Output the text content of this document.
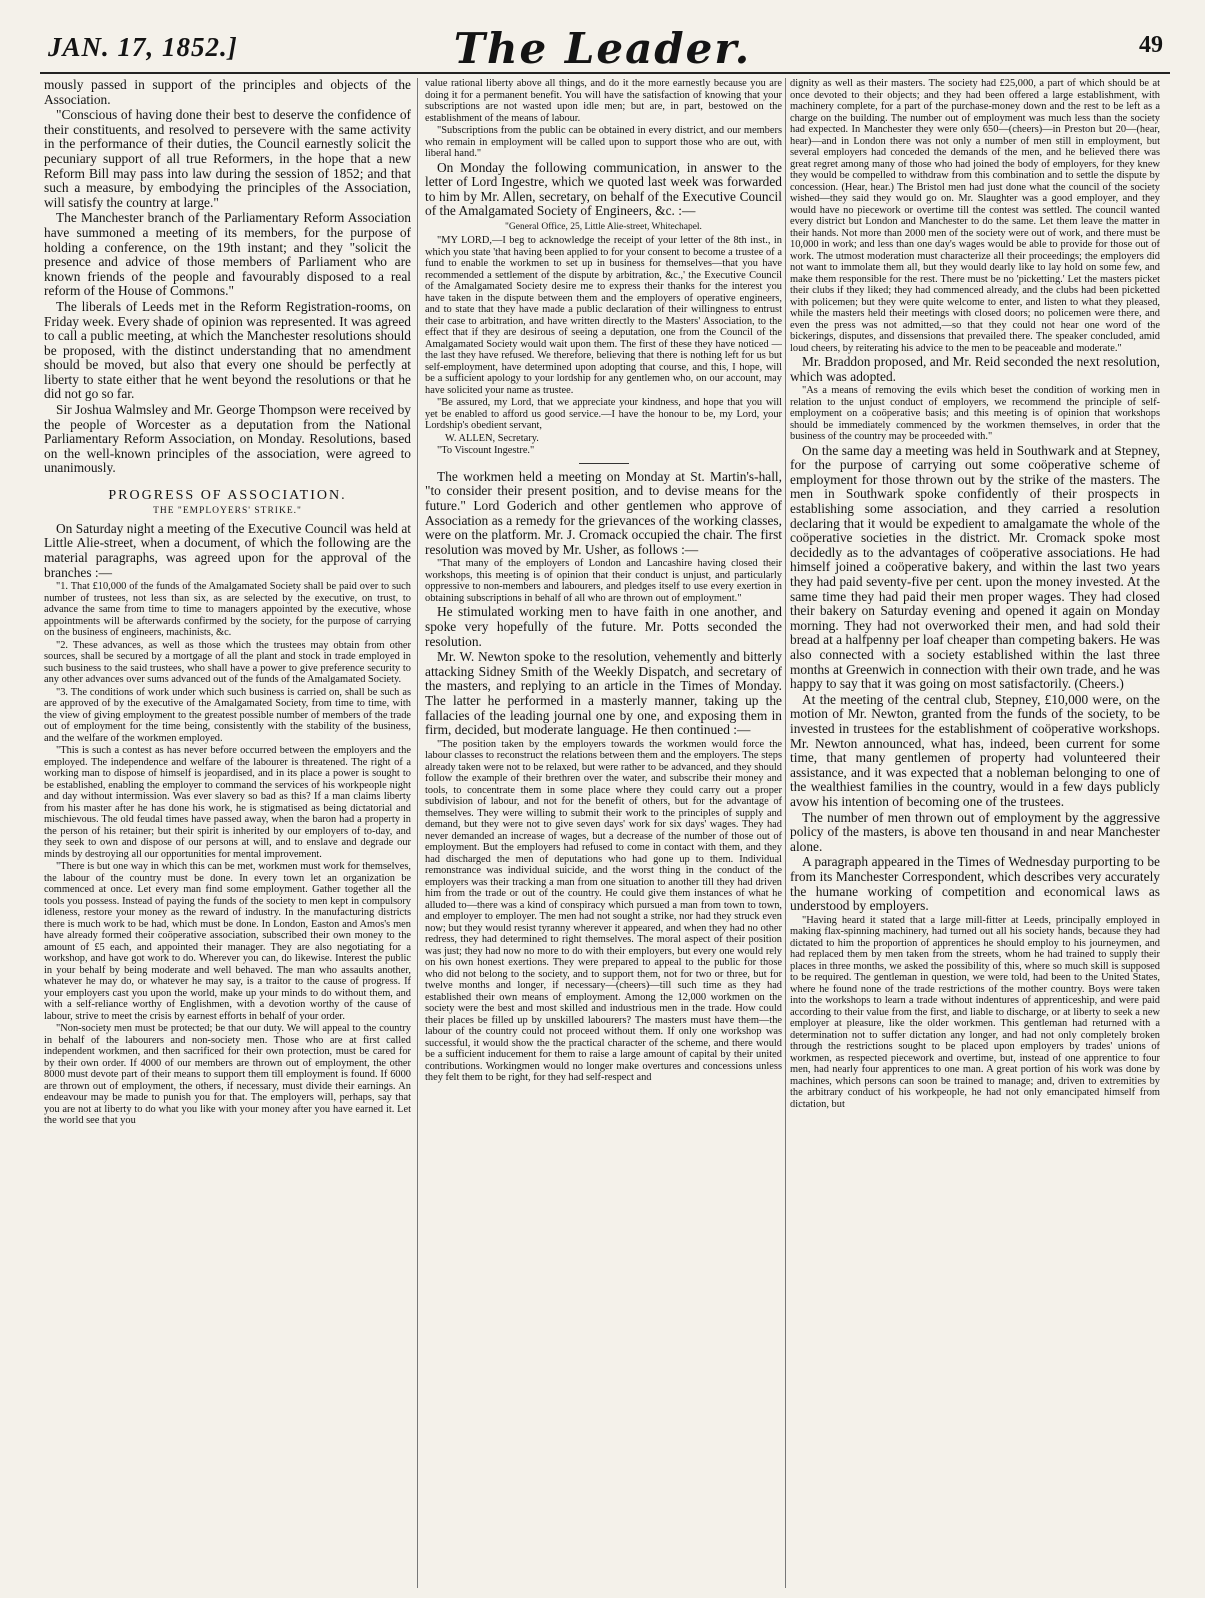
JAN. 17, 1852.]	The Leader.	49

mously passed in support of the principles and objects of the Association.

"Conscious of having done their best to deserve the confidence of their constituents, and resolved to persevere with the same activity in the performance of their duties, the Council earnestly solicit the pecuniary support of all true Reformers, in the hope that a new Reform Bill may pass into law during the session of 1852; and that such a measure, by embodying the principles of the Association, will satisfy the country at large."

The Manchester branch of the Parliamentary Reform Association have summoned a meeting of its members, for the purpose of holding a conference, on the 19th instant; and they "solicit the presence and advice of those members of Parliament who are known friends of the people and favourably disposed to a real reform of the House of Commons."

The liberals of Leeds met in the Reform Registration-rooms, on Friday week. Every shade of opinion was represented. It was agreed to call a public meeting, at which the Manchester resolutions should be proposed, with the distinct understanding that no amendment should be moved, but also that every one should be perfectly at liberty to state either that he went beyond the resolutions or that he did not go so far.

Sir Joshua Walmsley and Mr. George Thompson were received by the people of Worcester as a deputation from the National Parliamentary Reform Association, on Monday. Resolutions, based on the well-known principles of the association, were agreed to unanimously.

PROGRESS OF ASSOCIATION.
THE "EMPLOYERS' STRIKE."

On Saturday night a meeting of the Executive Council was held at Little Alie-street, when a document, of which the following are the material paragraphs, was agreed upon for the approval of the branches :—

"1. That £10,000 of the funds of the Amalgamated Society shall be paid over to such number of trustees, not less than six, as are selected by the executive, on trust, to advance the same from time to time to managers appointed by the executive, whose appointments will be afterwards confirmed by the society, for the purpose of carrying on the business of engineers, machinists, &c.

"2. These advances, as well as those which the trustees may obtain from other sources, shall be secured by a mortgage of all the plant and stock in trade employed in such business to the said trustees, who shall have a power to give preference security to any other advances over sums advanced out of the funds of the Amalgamated Society.

"3. The conditions of work under which such business is carried on, shall be such as are approved of by the executive of the Amalgamated Society, from time to time, with the view of giving employment to the greatest possible number of members of the trade out of employment for the time being, consistently with the stability of the business, and the welfare of the workmen employed.

"This is such a contest as has never before occurred between the employers and the employed. The independence and welfare of the labourer is threatened. The right of a working man to dispose of himself is jeopardised, and in its place a power is sought to be established, enabling the employer to command the services of his workpeople night and day without intermission. Was ever slavery so bad as this? If a man claims liberty from his master after he has done his work, he is stigmatised as being dictatorial and mischievous. The old feudal times have passed away, when the baron had a property in the person of his retainer; but their spirit is inherited by our employers of to-day, and they seek to own and dispose of our persons at will, and to enslave and degrade our minds by destroying all our opportunities for mental improvement.

"There is but one way in which this can be met, workmen must work for themselves, the labour of the country must be done. In every town let an organization be commenced at once. Let every man find some employment. Gather together all the tools you possess. Instead of paying the funds of the society to men kept in compulsory idleness, restore your money as the reward of industry. In the manufacturing districts there is much work to be had, which must be done. In London, Easton and Amos's men have already formed their coöperative association, subscribed their own money to the amount of £5 each, and appointed their manager. They are also negotiating for a workshop, and have got work to do. Wherever you can, do likewise. Interest the public in your behalf by being moderate and well behaved. The man who assaults another, whatever he may do, or whatever he may say, is a traitor to the cause of progress. If your employers cast you upon the world, make up your minds to do without them, and with a self-reliance worthy of Englishmen, with a devotion worthy of the cause of labour, strive to meet the crisis by earnest efforts in behalf of your order.

"Non-society men must be protected; be that our duty. We will appeal to the country in behalf of the labourers and non-society men. Those who are at first called independent workmen, and then sacrificed for their own protection, must be cared for by their own order. If 4000 of our members are thrown out of employment, the other 8000 must devote part of their means to support them till employment is found. If 6000 are thrown out of employment, the others, if necessary, must divide their earnings. An endeavour may be made to punish you for that. The employers will, perhaps, say that you are not at liberty to do what you like with your money after you have earned it. Let the world see that you

value rational liberty above all things, and do it the more earnestly because you are doing it for a permanent benefit. You will have the satisfaction of knowing that your subscriptions are not wasted upon idle men; but are, in part, bestowed on the establishment of the means of labour.

"Subscriptions from the public can be obtained in every district, and our members who remain in employment will be called upon to support those who are out, with liberal hand."

On Monday the following communication, in answer to the letter of Lord Ingestre, which we quoted last week was forwarded to him by Mr. Allen, secretary, on behalf of the Executive Council of the Amalgamated Society of Engineers, &c. :—

"General Office, 25, Little Alie-street, Whitechapel.

"MY LORD,—I beg to acknowledge the receipt of your letter of the 8th inst., in which you state 'that having been applied to for your consent to become a trustee of a fund to enable the workmen to set up in business for themselves—that you have recommended a settlement of the dispute by arbitration, &c.,' the Executive Council of the Amalgamated Society desire me to express their thanks for the interest you have taken in the dispute between them and the employers of operative engineers, and to state that they have made a public declaration of their willingness to entrust their case to arbitration, and have written directly to the Masters' Association, to the effect that if they are desirous of seeing a deputation, one from the Council of the Amalgamated Society would wait upon them. The first of these they have noticed —the last they have refused. We therefore, believing that there is nothing left for us but self-employment, have determined upon adopting that course, and this, I hope, will be a sufficient apology to your lordship for any gentlemen who, on our account, may have solicited your name as trustee.

"Be assured, my Lord, that we appreciate your kindness, and hope that you will yet be enabled to afford us good service.—I have the honour to be, my Lord, your Lordship's obedient servant,

W. ALLEN, Secretary.

"To Viscount Ingestre."

The workmen held a meeting on Monday at St. Martin's-hall, "to consider their present position, and to devise means for the future." Lord Goderich and other gentlemen who approve of Association as a remedy for the grievances of the working classes, were on the platform. Mr. J. Cromack occupied the chair. The first resolution was moved by Mr. Usher, as follows :—

"That many of the employers of London and Lancashire having closed their workshops, this meeting is of opinion that their conduct is unjust, and particularly oppressive to non-members and labourers, and pledges itself to use every exertion in obtaining subscriptions in behalf of all who are thrown out of employment."

He stimulated working men to have faith in one another, and spoke very hopefully of the future. Mr. Potts seconded the resolution.

Mr. W. Newton spoke to the resolution, vehemently and bitterly attacking Sidney Smith of the Weekly Dispatch, and secretary of the masters, and replying to an article in the Times of Monday. The latter he performed in a masterly manner, taking up the fallacies of the leading journal one by one, and exposing them in firm, decided, but moderate language. He then continued :—

"The position taken by the employers towards the workmen would force the labour classes to reconstruct the relations between them and the employers. The steps already taken were not to be relaxed, but were rather to be advanced, and they should follow the example of their brethren over the water, and subscribe their money and tools, to concentrate them in some place where they could carry out a proper subdivision of labour, and not for the benefit of others, but for the advantage of themselves. They were willing to submit their work to the principles of supply and demand, but they were not to give seven days' work for six days' wages. They had never demanded an increase of wages, but a decrease of the number of those out of employment. But the employers had refused to come in contact with them, and they had discharged the men of deputations who had gone up to them. Individual remonstrance was individual suicide, and the worst thing in the conduct of the employers was their tracking a man from one situation to another till they had driven him from the trade or out of the country. He could give them instances of what he alluded to—there was a kind of conspiracy which pursued a man from town to town, and employer to employer. The men had not sought a strike, nor had they struck even now; but they would resist tyranny wherever it appeared, and when they had no other redress, they had determined to right themselves. The moral aspect of their position was just; they had now no more to do with their employers, but every one would rely on his own honest exertions. They were prepared to appeal to the public for those who did not belong to the society, and to support them, not for two or three, but for twelve months and longer, if necessary—(cheers)—till such time as they had established their own means of employment. Among the 12,000 workmen on the society were the best and most skilled and industrious men in the trade. How could their places be filled up by unskilled labourers? The masters must have them—the labour of the country could not proceed without them. If only one workshop was successful, it would show the the practical character of the scheme, and there would be a sufficient inducement for them to raise a large amount of capital by their united contributions. Workingmen would no longer make overtures and concessions unless they felt them to be right, for they had self-respect and

dignity as well as their masters. The society had £25,000, a part of which should be at once devoted to their objects; and they had been offered a large establishment, with machinery complete, for a part of the purchase-money down and the rest to be left as a charge on the building. The number out of employment was much less than the society had expected. In Manchester they were only 650—(cheers)—in Preston but 20—(hear, hear)—and in London there was not only a number of men still in employment, but several employers had conceded the demands of the men, and he believed there was great regret among many of those who had joined the body of employers, for they knew they would be compelled to withdraw from this combination and to settle the dispute by concession. (Hear, hear.) The Bristol men had just done what the council of the society wished—they said they would go on. Mr. Slaughter was a good employer, and they would have no piecework or overtime till the contest was settled. The council wanted every district but London and Manchester to do the same. Let them leave the matter in their hands. Not more than 2000 men of the society were out of work, and there must be 10,000 in work; and less than one day's wages would be able to provide for those out of work. The utmost moderation must characterize all their proceedings; the employers did not want to immolate them all, but they would dearly like to lay hold on some few, and make them responsible for the rest. There must be no 'picketting.' Let the masters picket their clubs if they liked; they had commenced already, and the clubs had been picketted with policemen; but they were quite welcome to enter, and listen to what they pleased, while the masters held their meetings with closed doors; no policemen were there, and even the press was not admitted,—so that they could not hear one word of the bickerings, disputes, and dissensions that prevailed there. The speaker concluded, amid loud cheers, by reiterating his advice to the men to be peaceable and moderate."

Mr. Braddon proposed, and Mr. Reid seconded the next resolution, which was adopted.

"As a means of removing the evils which beset the condition of working men in relation to the unjust conduct of employers, we recommend the principle of self-employment on a coöperative basis; and this meeting is of opinion that workshops should be immediately commenced by the workmen themselves, in order that the business of the country may be proceeded with."

On the same day a meeting was held in Southwark and at Stepney, for the purpose of carrying out some coöperative scheme of employment for those thrown out by the strike of the masters. The men in Southwark spoke confidently of their prospects in establishing some association, and they carried a resolution declaring that it would be expedient to amalgamate the whole of the coöperative societies in the district. Mr. Cromack spoke most decidedly as to the advantages of coöperative associations. He had himself joined a coöperative bakery, and within the last two years they had paid seventy-five per cent. upon the money invested. At the same time they had paid their men proper wages. They had closed their bakery on Saturday evening and opened it again on Monday morning. They had not overworked their men, and had sold their bread at a halfpenny per loaf cheaper than competing bakers. He was also connected with a society established within the last three months at Greenwich in connection with their own trade, and he was happy to say that it was going on most satisfactorily. (Cheers.)

At the meeting of the central club, Stepney, £10,000 were, on the motion of Mr. Newton, granted from the funds of the society, to be invested in trustees for the establishment of coöperative workshops. Mr. Newton announced, what has, indeed, been current for some time, that many gentlemen of property had volunteered their assistance, and it was expected that a nobleman belonging to one of the wealthiest families in the country, would in a few days publicly avow his intention of becoming one of the trustees.

The number of men thrown out of employment by the aggressive policy of the masters, is above ten thousand in and near Manchester alone.

A paragraph appeared in the Times of Wednesday purporting to be from its Manchester Correspondent, which describes very accurately the humane working of competition and economical laws as understood by employers.

"Having heard it stated that a large mill-fitter at Leeds, principally employed in making flax-spinning machinery, had turned out all his society hands, because they had dictated to him the proportion of apprentices he should employ to his journeymen, and had replaced them by men taken from the streets, whom he had trained to supply their places in three months, we asked the possibility of this, where so much skill is supposed to be required. The gentleman in question, we were told, had been to the United States, where he found none of the trade restrictions of the mother country. Boys were taken into the workshops to learn a trade without indentures of apprenticeship, and were paid according to their value from the first, and liable to discharge, or at liberty to seek a new employer at pleasure, like the older workmen. This gentleman had returned with a determination not to suffer dictation any longer, and had not only completely broken through the restrictions sought to be placed upon employers by trades' unions of workmen, as respected piecework and overtime, but, instead of one apprentice to four men, had nearly four apprentices to one man. A great portion of his work was done by machines, which persons can soon be trained to manage; and, driven to extremities by the arbitrary conduct of his workpeople, he had not only emancipated himself from dictation, but
